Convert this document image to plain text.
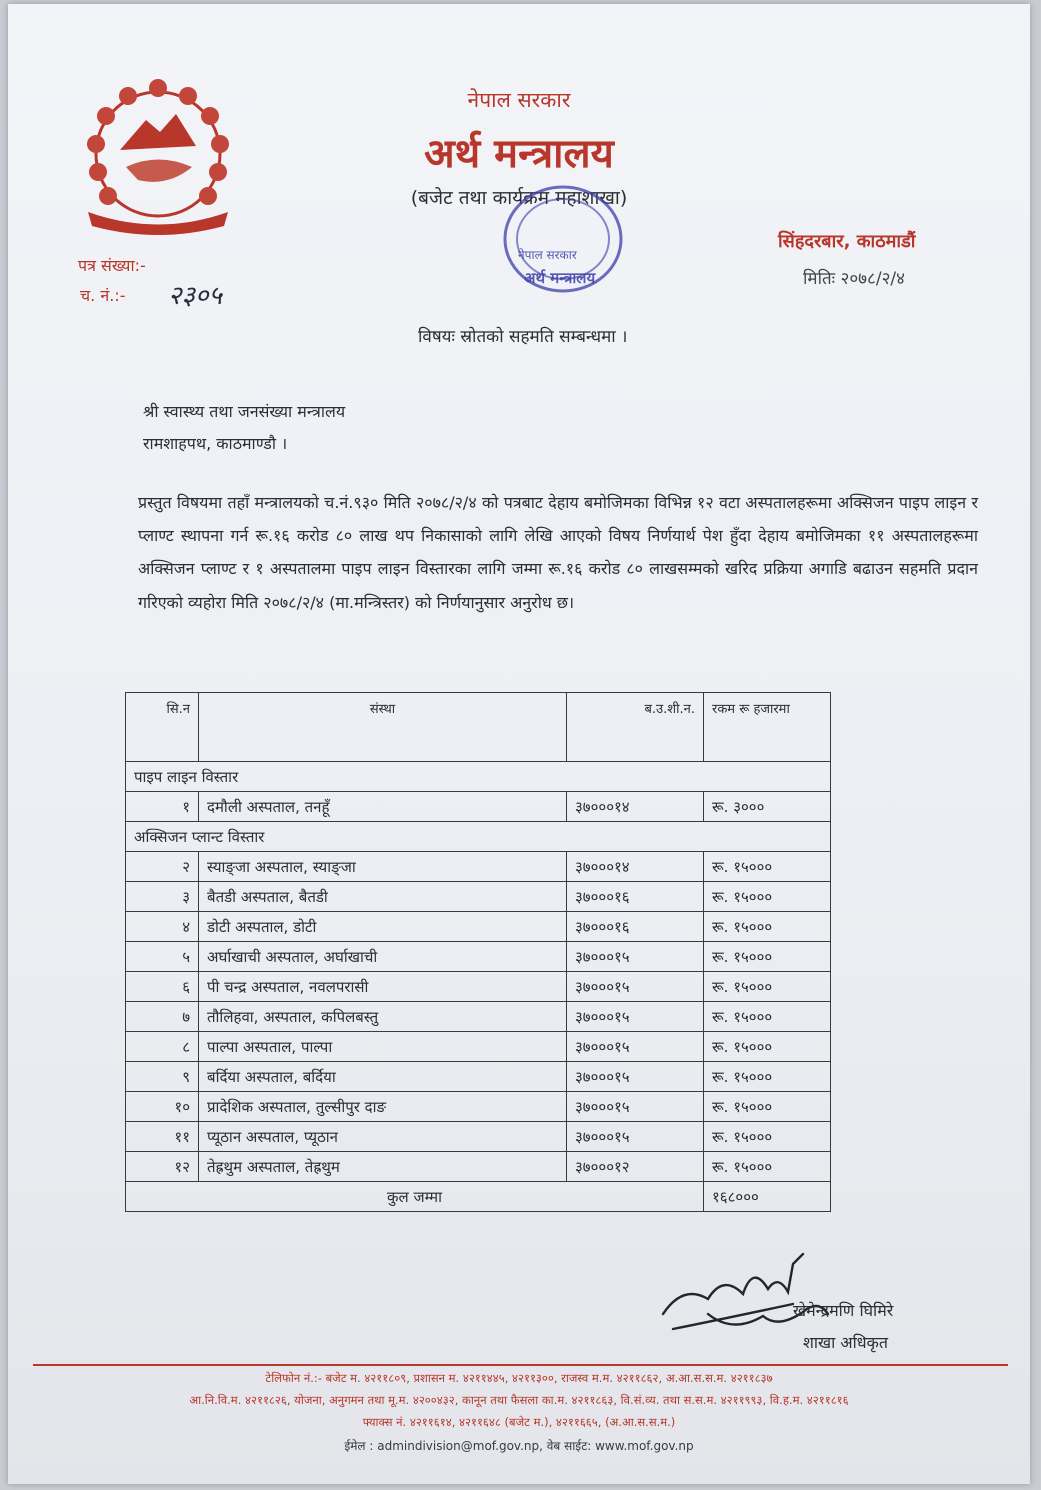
नेपाल सरकार
अर्थ मन्त्रालय
(बजेट तथा कार्यक्रम महाशाखा)
नेपाल सरकार
अर्थ मन्त्रालय
सिंहदरबार, काठमाडौं
मितिः २०७८/२/४
पत्र संख्या:-
च. नं.:- २३०५
विषयः स्रोतको सहमति सम्बन्धमा ।
श्री स्वास्थ्य तथा जनसंख्या मन्त्रालय
रामशाहपथ, काठमाण्डौ ।
प्रस्तुत विषयमा तहाँ मन्त्रालयको च.नं.९३० मिति २०७८/२/४ को पत्रबाट देहाय बमोजिमका विभिन्न १२ वटा अस्पतालहरूमा अक्सिजन पाइप लाइन र प्लाण्ट स्थापना गर्न रू.१६ करोड ८० लाख थप निकासाको लागि लेखि आएको विषय निर्णयार्थ पेश हुँदा देहाय बमोजिमका ११ अस्पतालहरूमा अक्सिजन प्लाण्ट र १ अस्पतालमा पाइप लाइन विस्तारका लागि जम्मा रू.१६ करोड ८० लाखसम्मको खरिद प्रक्रिया अगाडि बढाउन सहमति प्रदान गरिएको व्यहोरा मिति २०७८/२/४ (मा.मन्त्रिस्तर) को निर्णयानुसार अनुरोध छ।
सि.न	संस्था	ब.उ.शी.न.	रकम रू हजारमा
पाइप लाइन विस्तार			
१	दमौली अस्पताल, तनहूँ	३७०००१४	रू. ३०००
अक्सिजन प्लान्ट विस्तार			
२	स्याङ्जा अस्पताल, स्याङ्जा	३७०००१४	रू. १५०००
३	बैतडी अस्पताल, बैतडी	३७०००१६	रू. १५०००
४	डोटी अस्पताल, डोटी	३७०००१६	रू. १५०००
५	अर्घाखाची अस्पताल, अर्घाखाची	३७०००१५	रू. १५०००
६	पी चन्द्र अस्पताल, नवलपरासी	३७०००१५	रू. १५०००
७	तौलिहवा, अस्पताल, कपिलबस्तु	३७०००१५	रू. १५०००
८	पाल्पा अस्पताल, पाल्पा	३७०००१५	रू. १५०००
९	बर्दिया अस्पताल, बर्दिया	३७०००१५	रू. १५०००
१०	प्रादेशिक अस्पताल, तुल्सीपुर दाङ	३७०००१५	रू. १५०००
११	प्यूठान अस्पताल, प्यूठान	३७०००१५	रू. १५०००
१२	तेह्रथुम अस्पताल, तेह्रथुम	३७०००१२	रू. १५०००
कुल जम्मा			१६८०००
खेमेन्द्रमणि घिमिरे
शाखा अधिकृत
टेलिफोन नं.:- बजेट म. ४२११८०९, प्रशासन म. ४२११४४५, ४२११३००, राजस्व म.म. ४२११८६२, अ.आ.स.स.म. ४२११८३७
आ.नि.वि.म. ४२११८२६, योजना, अनुगमन तथा मू.म. ४२००४३२, कानून तथा फैसला का.म. ४२११८६३, वि.सं.व्य. तथा स.स.म. ४२११९९३, वि.ह.म. ४२११८१६
फ्याक्स नं. ४२११६१४, ४२११६४८ (बजेट म.), ४२११६६५, (अ.आ.स.स.म.)
ईमेल : admindivision@mof.gov.np, वेब साईट: www.mof.gov.np
